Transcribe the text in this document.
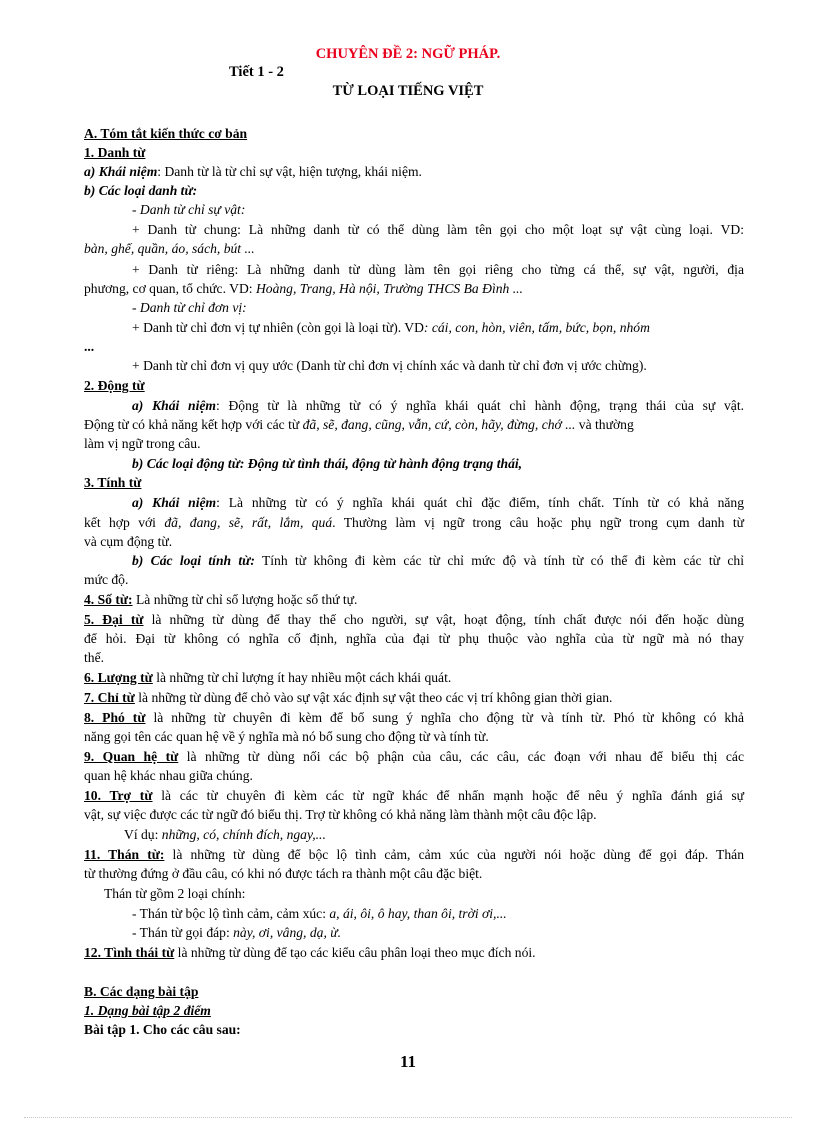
CHUYÊN ĐỀ 2: NGỮ PHÁP.
Tiết 1 - 2
TỪ LOẠI TIẾNG VIỆT
A. Tóm tắt kiến thức cơ bản
1. Danh từ
a) Khái niệm: Danh từ là từ chỉ sự vật, hiện tượng, khái niệm.
b) Các loại danh từ:
- Danh từ chỉ sự vật:
+ Danh từ chung: Là những danh từ có thể dùng làm tên gọi cho một loạt sự vật cùng loại. VD:
bàn, ghế, quần, áo, sách, bút ...
+ Danh từ riêng: Là những danh từ dùng làm tên gọi riêng cho từng cá thể, sự vật, người, địa
phương, cơ quan, tổ chức. VD: Hoàng, Trang, Hà nội, Trường THCS Ba Đình ...
- Danh từ chỉ đơn vị:
+ Danh từ chỉ đơn vị tự nhiên (còn gọi là loại từ). VD: cái, con, hòn, viên, tấm, bức, bọn, nhóm
...
+ Danh từ chỉ đơn vị quy ước (Danh từ chỉ đơn vị chính xác và danh từ chỉ đơn vị ước chừng).
2. Động từ
a) Khái niệm: Động từ là những từ có ý nghĩa khái quát chỉ hành động, trạng thái của sự vật.
Động từ có khả năng kết hợp với các từ đã, sẽ, đang, cũng, vẫn, cứ, còn, hãy, đừng, chớ ... và thường
làm vị ngữ trong câu.
b) Các loại động từ: Động từ tình thái, động từ hành động trạng thái,
3. Tính từ
a) Khái niệm: Là những từ có ý nghĩa khái quát chỉ đặc điểm, tính chất. Tính từ có khả năng
kết hợp với đã, đang, sẽ, rất, lắm, quá. Thường làm vị ngữ trong câu hoặc phụ ngữ trong cụm danh từ
và cụm động từ.
b) Các loại tính từ: Tính từ không đi kèm các từ chỉ mức độ và tính từ có thể đi kèm các từ chỉ
mức độ.
4. Số từ: Là những từ chỉ số lượng hoặc số thứ tự.
5. Đại từ là những từ dùng để thay thế cho người, sự vật, hoạt động, tính chất được nói đến hoặc dùng
để hỏi. Đại từ không có nghĩa cố định, nghĩa của đại từ phụ thuộc vào nghĩa của từ ngữ mà nó thay
thế.
6. Lượng từ là những từ chỉ lượng ít hay nhiều một cách khái quát.
7. Chỉ từ là những từ dùng để chỏ vào sự vật xác định sự vật theo các vị trí không gian thời gian.
8. Phó từ là những từ chuyên đi kèm để bổ sung ý nghĩa cho động từ và tính từ. Phó từ không có khả
năng gọi tên các quan hệ về ý nghĩa mà nó bổ sung cho động từ và tính từ.
9. Quan hệ từ là những từ dùng nối các bộ phận của câu, các câu, các đoạn với nhau để biểu thị các
quan hệ khác nhau giữa chúng.
10. Trợ từ là các từ chuyên đi kèm các từ ngữ khác để nhấn mạnh hoặc để nêu ý nghĩa đánh giá sự
vật, sự việc được các từ ngữ đó biểu thị. Trợ từ không có khả năng làm thành một câu độc lập.
Ví dụ: những, có, chính đích, ngay,...
11. Thán từ: là những từ dùng để bộc lộ tình cảm, cảm xúc của người nói hoặc dùng để gọi đáp. Thán
từ thường đứng ở đầu câu, có khi nó được tách ra thành một câu đặc biệt.
Thán từ gồm 2 loại chính:
- Thán từ bộc lộ tình cảm, cảm xúc: a, ái, ôi, ô hay, than ôi, trời ơi,...
- Thán từ gọi đáp: này, ơi, vâng, dạ, ừ.
12. Tình thái từ là những từ dùng để tạo các kiểu câu phân loại theo mục đích nói.
B. Các dạng bài tập
1. Dạng bài tập 2 điểm
Bài tập 1. Cho các câu sau:
11
